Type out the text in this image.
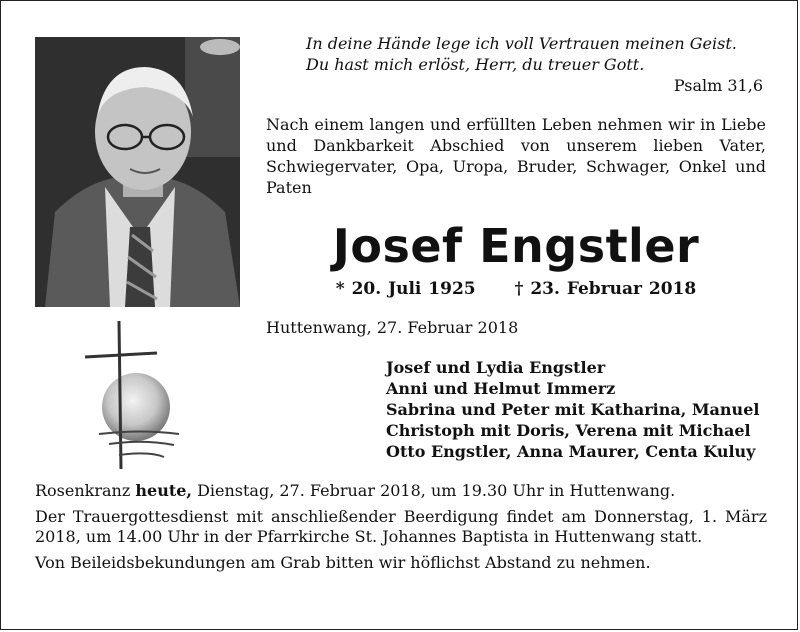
In deine Hände lege ich voll Vertrauen meinen Geist.
Du hast mich erlöst, Herr, du treuer Gott.
Psalm 31,6
Nach einem langen und erfüllten Leben nehmen wir in Liebe und Dankbarkeit Abschied von unserem lieben Vater, Schwiegervater, Opa, Uropa, Bruder, Schwager, Onkel und Paten
Josef Engstler
* 20. Juli 1925 † 23. Februar 2018
Huttenwang, 27. Februar 2018
Josef und Lydia Engstler
Anni und Helmut Immerz
Sabrina und Peter mit Katharina, Manuel
Christoph mit Doris, Verena mit Michael
Otto Engstler, Anna Maurer, Centa Kuluy

Rosenkranz heute, Dienstag, 27. Februar 2018, um 19.30 Uhr in Huttenwang.

Der Trauergottesdienst mit anschließender Beerdigung findet am Donnerstag, 1. März 2018, um 14.00 Uhr in der Pfarrkirche St. Johannes Baptista in Huttenwang statt.

Von Beileidsbekundungen am Grab bitten wir höflichst Abstand zu nehmen.
